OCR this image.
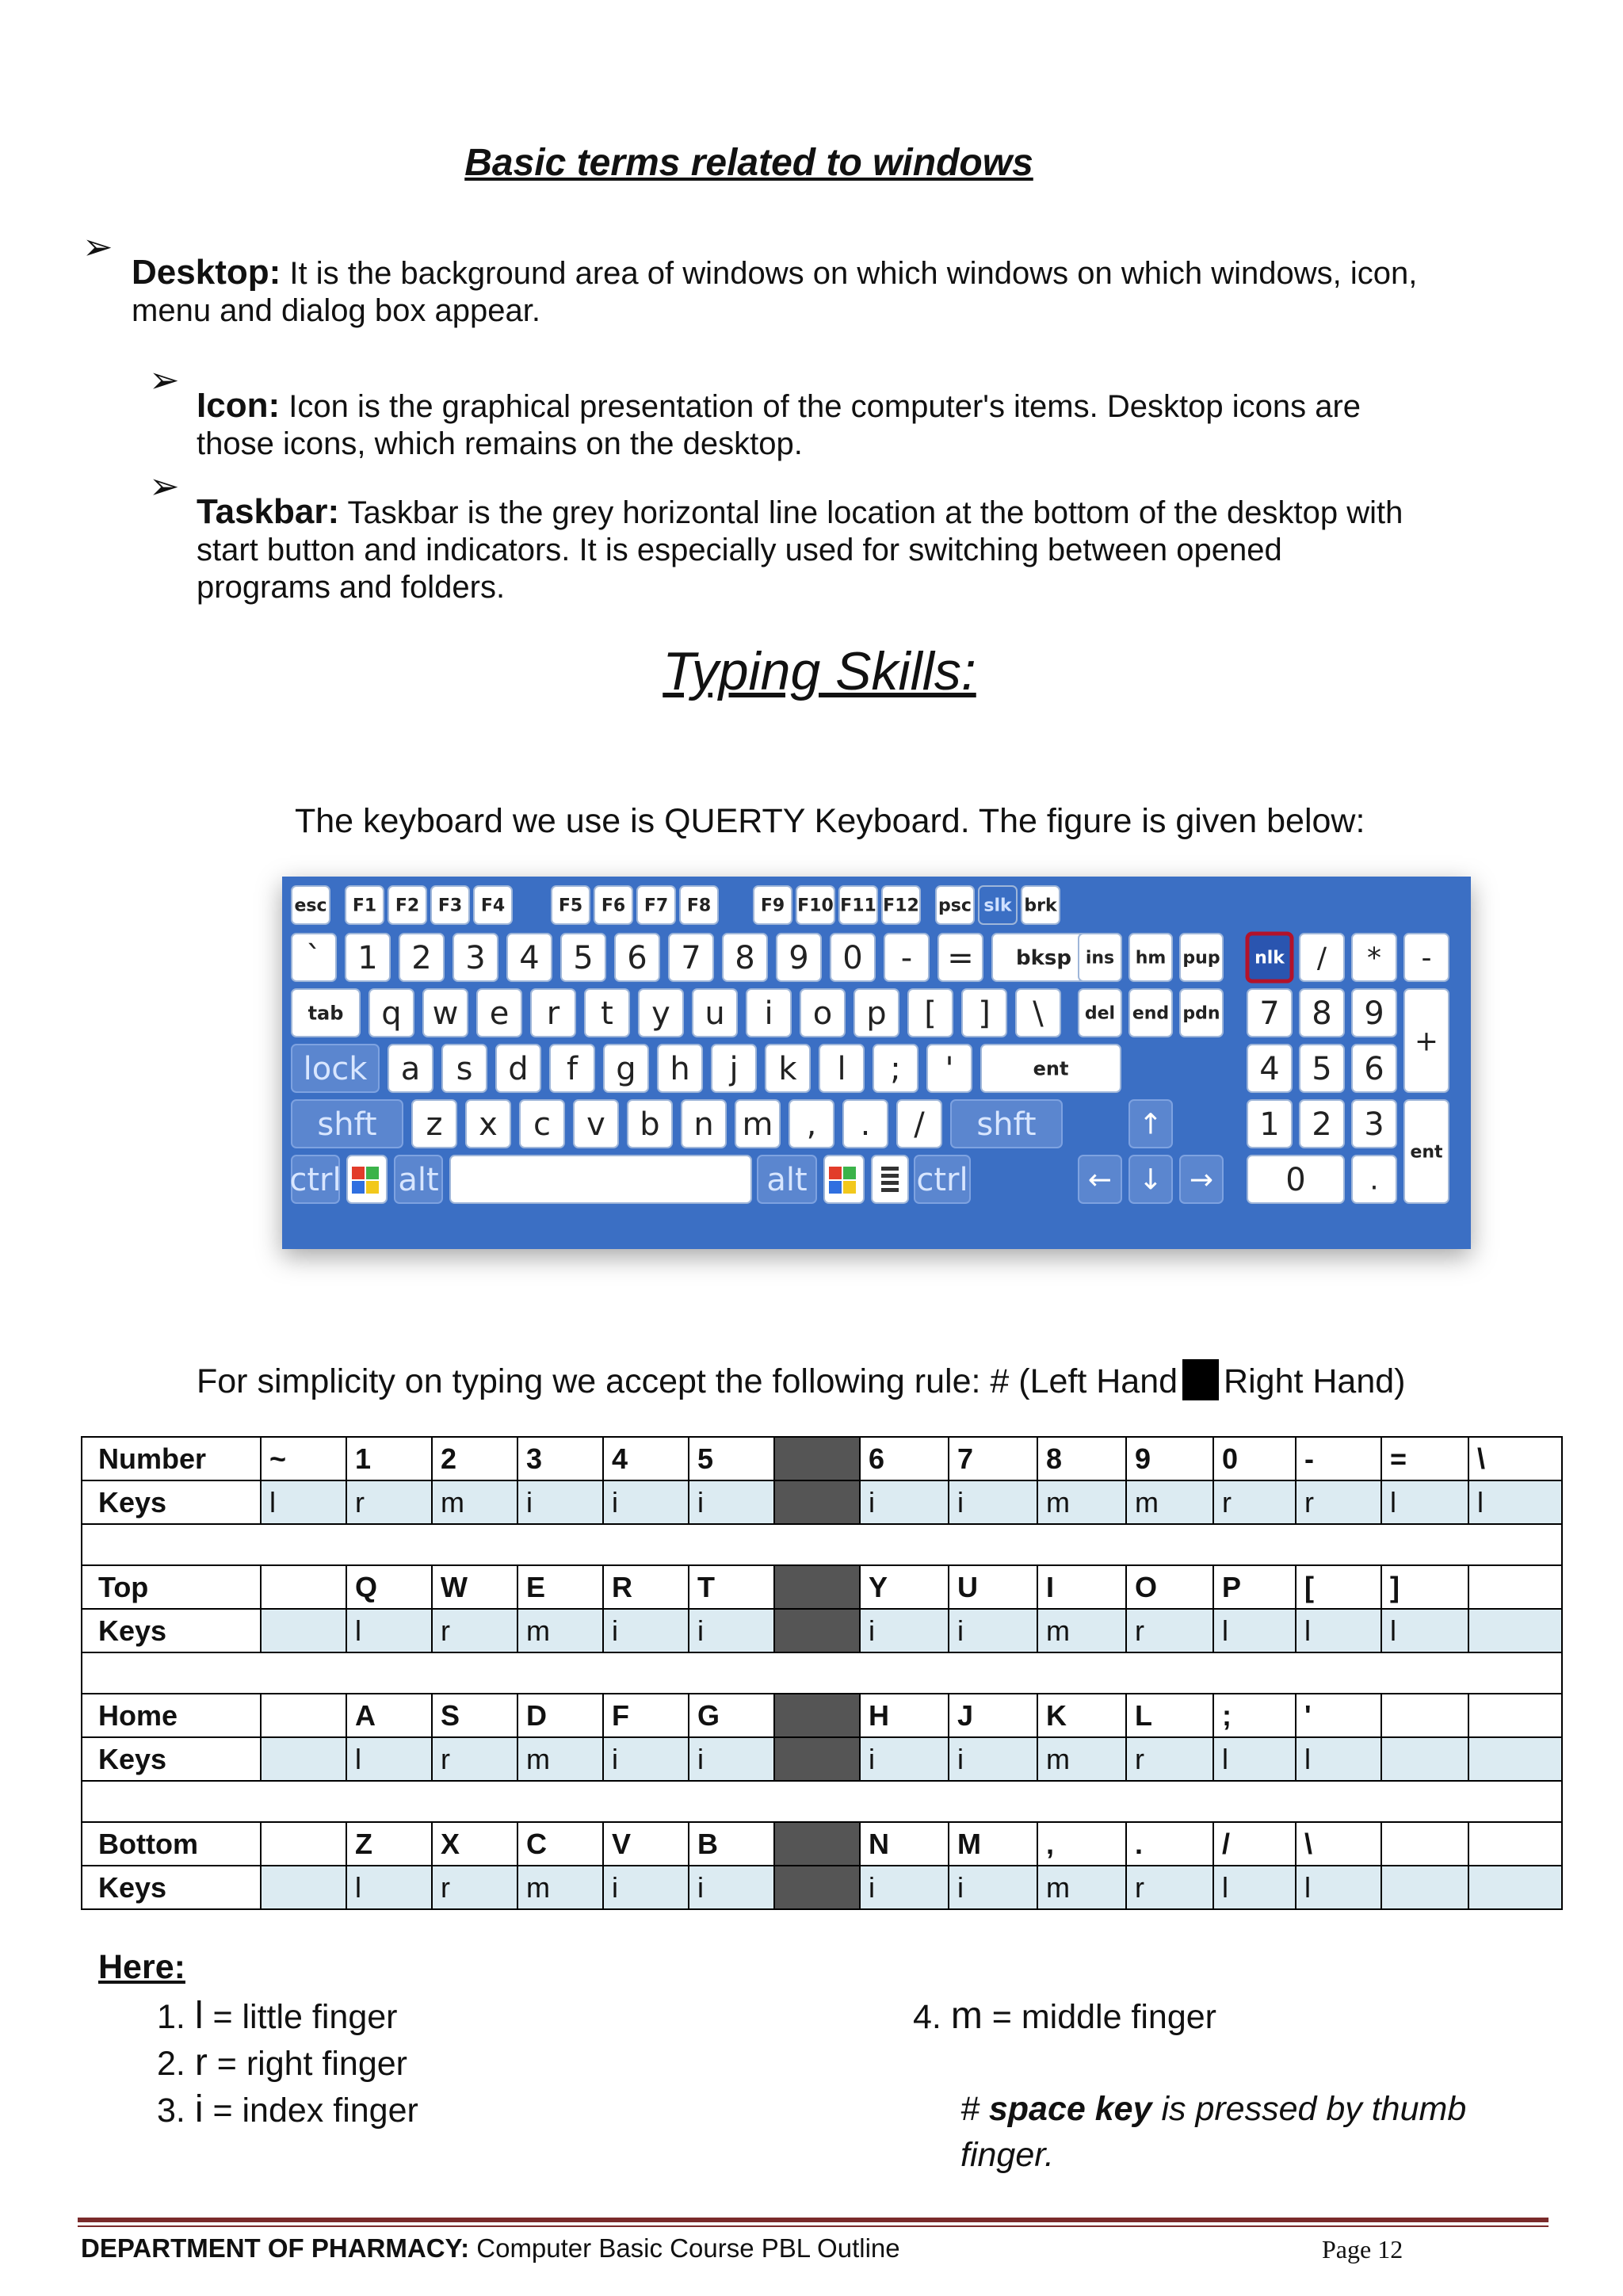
Basic terms related to windows
➢
Desktop: It is the background area of windows on which windows on which windows, icon,
menu and dialog box appear.
➢
Icon: Icon is the graphical presentation of the computer's items. Desktop icons are
those icons, which remains on the desktop.
➢
Taskbar: Taskbar is the grey horizontal line location at the bottom of the desktop with
start button and indicators. It is especially used for switching between opened
programs and folders.
Typing Skills:
The keyboard we use is QUERTY Keyboard. The figure is given below:
esc F1 F2 F3 F4	F5 F6 F7 F8	F9 F10 F11 F12 psc slk brk
` 1 2 3 4 5 6 7 8 9 0 - = bksp
tab q w e r t y u i o p [ ] \
lock a s d f g h j k l ; '	ent
shft z x c v b n m , . / shft
ctrl alt	alt	ctrl
ins hm pup
del end pdn
↑
← ↓ →
nlk / * -
7 8 9
+
4 5 6
1 2 3
ent
0 .
For simplicity on typing we accept the following rule: # (Left Hand Right Hand)
Number	~	1	2	3	4	5		6	7	8	9	0	-	=	\
Keys	l	r	m	i	i	i		i	i	m	m	r	r	l	l

Top		Q	W	E	R	T		Y	U	I	O	P	[	]	
Keys		l	r	m	i	i		i	i	m	r	l	l	l	

Home		A	S	D	F	G		H	J	K	L	;	'		
Keys		l	r	m	i	i		i	i	m	r	l	l		

Bottom		Z	X	C	V	B		N	M	,	.	/	\		
Keys		l	r	m	i	i		i	i	m	r	l	l		
Here:
1. l = little finger
2. r = right finger
3. i = index finger
4. m = middle finger
# space key is pressed by thumb finger.
DEPARTMENT OF PHARMACY: Computer Basic Course PBL Outline	Page 12
